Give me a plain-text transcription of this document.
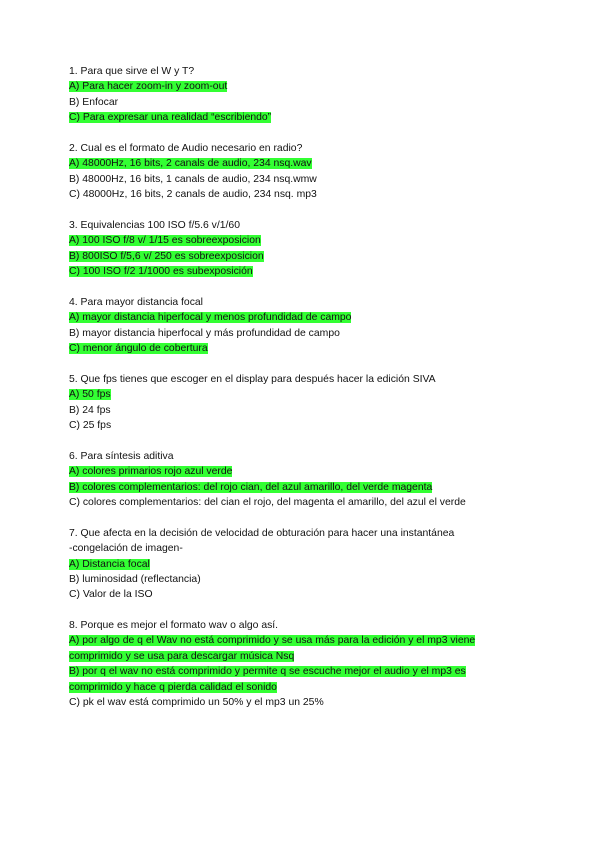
1. Para que sirve el W y T?
A) Para hacer zoom-in y zoom-out
B) Enfocar
C) Para expresar una realidad “escribiendo”
2. Cual es el formato de Audio necesario en radio?
A) 48000Hz, 16 bits, 2 canals de audio, 234 nsq.wav
B) 48000Hz, 16 bits, 1 canals de audio, 234 nsq.wmw
C) 48000Hz, 16 bits, 2 canals de audio, 234 nsq. mp3
3. Equivalencias 100 ISO f/5.6 v/1/60
A) 100 ISO f/8 v/ 1/15 es sobreexposicion
B) 800ISO f/5,6 v/ 250 es sobreexposicion
C) 100 ISO f/2 1/1000 es subexposición
4. Para mayor distancia focal
A) mayor distancia hiperfocal y menos profundidad de campo
B) mayor distancia hiperfocal y más profundidad de campo
C) menor ángulo de cobertura
5. Que fps tienes que escoger en el display para después hacer la edición SIVA
A) 50 fps
B) 24 fps
C) 25 fps
6. Para síntesis aditiva
A) colores primarios rojo azul verde
B) colores complementarios: del rojo cian, del azul amarillo, del verde magenta
C) colores complementarios: del cian el rojo, del magenta el amarillo, del azul el verde
7. Que afecta en la decisión de velocidad de obturación para hacer una instantánea
-congelación de imagen-
A) Distancia focal
B) luminosidad (reflectancia)
C) Valor de la ISO
8. Porque es mejor el formato wav o algo así.
A) por algo de q el Wav no está comprimido y se usa más para la edición y el mp3 viene
comprimido y se usa para descargar música Nsq
B) por q el wav no está comprimido y permite q se escuche mejor el audio y el mp3 es
comprimido y hace q pierda calidad el sonido
C) pk el wav está comprimido un 50% y el mp3 un 25%
